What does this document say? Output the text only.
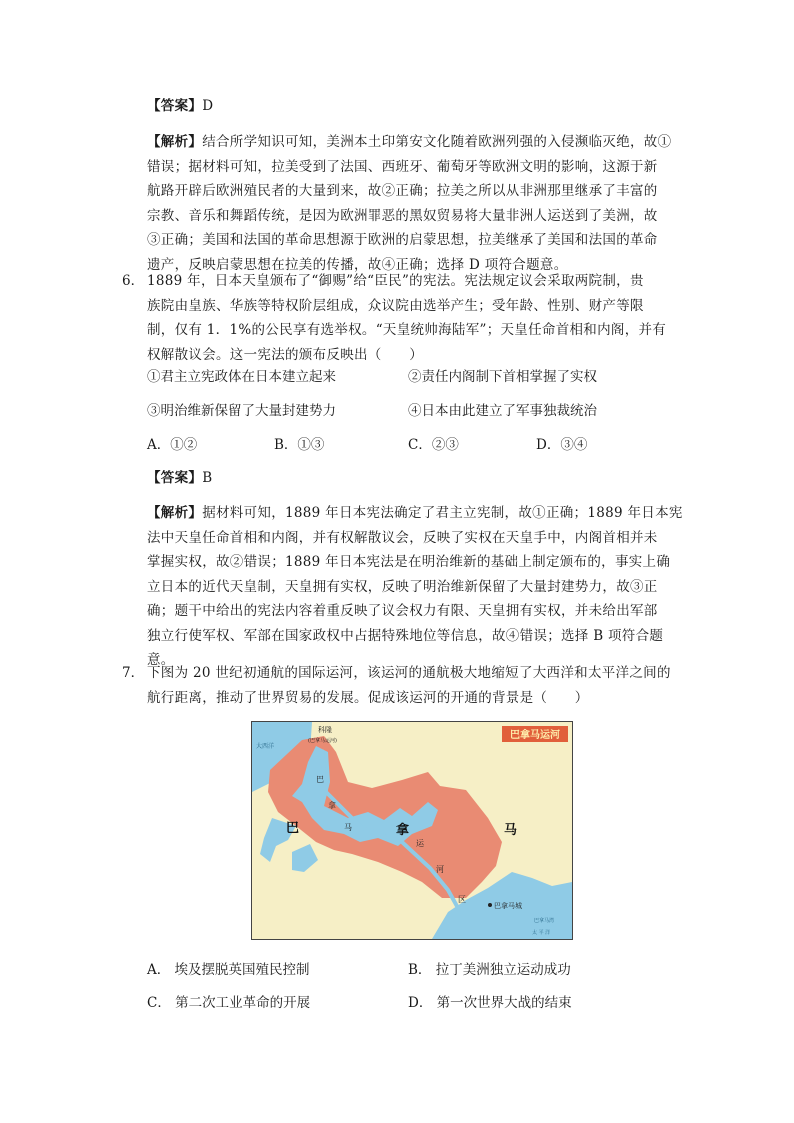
【答案】D
【解析】结合所学知识可知，美洲本土印第安文化随着欧洲列强的入侵濒临灭绝，故①
错误；据材料可知，拉美受到了法国、西班牙、葡萄牙等欧洲文明的影响，这源于新
航路开辟后欧洲殖民者的大量到来，故②正确；拉美之所以从非洲那里继承了丰富的
宗教、音乐和舞蹈传统，是因为欧洲罪恶的黑奴贸易将大量非洲人运送到了美洲，故
③正确；美国和法国的革命思想源于欧洲的启蒙思想，拉美继承了美国和法国的革命
遗产，反映启蒙思想在拉美的传播，故④正确；选择 D 项符合题意。
6． 1889 年，日本天皇颁布了“御赐”给“臣民”的宪法。宪法规定议会采取两院制，贵
族院由皇族、华族等特权阶层组成，众议院由选举产生；受年龄、性别、财产等限
制，仅有 1．1%的公民享有选举权。“天皇统帅海陆军”；天皇任命首相和内阁，并有
权解散议会。这一宪法的颁布反映出（　　）
①君主立宪政体在日本建立起来	②责任内阁制下首相掌握了实权
③明治维新保留了大量封建势力	④日本由此建立了军事独裁统治
A．①②	B．①③	C．②③	D．③④
【答案】B
【解析】据材料可知，1889 年日本宪法确定了君主立宪制，故①正确；1889 年日本宪
法中天皇任命首相和内阁，并有权解散议会，反映了实权在天皇手中，内阁首相并未
掌握实权，故②错误；1889 年日本宪法是在明治维新的基础上制定颁布的，事实上确
立日本的近代天皇制，天皇拥有实权，反映了明治维新保留了大量封建势力，故③正
确；题干中给出的宪法内容着重反映了议会权力有限、天皇拥有实权，并未给出军部
独立行使军权、军部在国家政权中占据特殊地位等信息，故④错误；选择 B 项符合题
意。
7． 下图为 20 世纪初通航的国际运河，该运河的通航极大地缩短了大西洋和太平洋之间的
航行距离，推动了世界贸易的发展。促成该运河的开通的背景是（　　）
巴拿马运河
科隆
(巴拿马运河)
大西洋
巴	拿	马
巴
拿
马
运
河
区
巴拿马城
巴拿马湾
太 平 洋
A． 埃及摆脱英国殖民控制	B． 拉丁美洲独立运动成功
C． 第二次工业革命的开展	D． 第一次世界大战的结束
